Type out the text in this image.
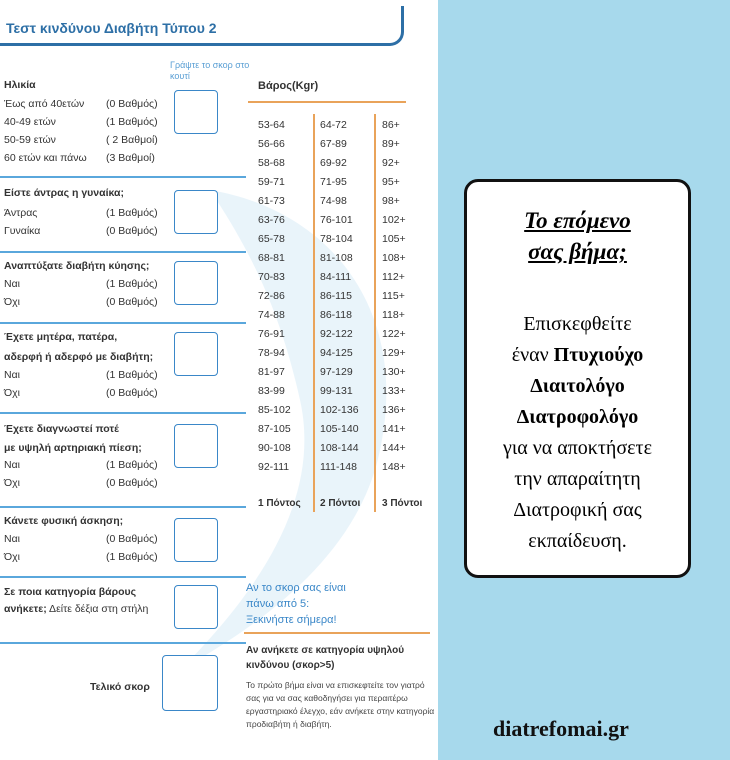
Τεστ κινδύνου Διαβήτη Τύπου 2
Γράψτε το σκορ στο κουτί
Ηλικία
Έως από 40ετών (0 Βαθμός)
40-49 ετών	(1 Βαθμός)
50-59 ετών	( 2 Βαθμοί)
60 ετών και πάνω (3 Βαθμοί)
Είστε άντρας η γυναίκα;
Άντρας	(1 Βαθμός)
Γυναίκα	(0 Βαθμός)
Αναπτύξατε διαβήτη κύησης;
Ναι	(1 Βαθμός)
Όχι	(0 Βαθμός)
Έχετε μητέρα, πατέρα,
αδερφή ή αδερφό με διαβήτη;
Ναι	(1 Βαθμός)
Όχι	(0 Βαθμός)
Έχετε διαγνωστεί ποτέ
με υψηλή αρτηριακή πίεση;
Ναι	(1 Βαθμός)
Όχι	(0 Βαθμός)
Κάνετε φυσική άσκηση;
Ναι	(0 Βαθμός)
Όχι	(1 Βαθμός)
Σε ποια κατηγορία βάρους
ανήκετε; Δείτε δέξια στη στήλη
Τελικό σκορ
Βάρος(Kgr)
53-64	64-72	86+
56-66	67-89	89+
58-68	69-92	92+
59-71	71-95	95+
61-73	74-98	98+
63-76	76-101	102+
65-78	78-104	105+
68-81	81-108	108+
70-83	84-111	112+
72-86	86-115	115+
74-88	86-118	118+
76-91	92-122	122+
78-94	94-125	129+
81-97	97-129	130+
83-99	99-131	133+
85-102	102-136 136+
87-105	105-140 141+
90-108	108-144 144+
92-111	111-148 148+
1 Πόντος 2 Πόντοι 3 Πόντοι
Αν το σκορ σας είναι
πάνω από 5:
Ξεκινήστε σήμερα!
Αν ανήκετε σε κατηγορία υψηλού κινδύνου (σκορ>5)
Το πρώτο βήμα είναι να επισκεφτείτε τον γιατρό σας για να σας καθοδηγήσει για περαιτέρω εργαστηριακό έλεγχο, εάν ανήκετε στην κατηγορία προδιαβήτη ή διαβήτη.
Το επόμενο
σας βήμα;
Επισκεφθείτε
έναν Πτυχιούχο
Διαιτολόγο
Διατροφολόγο
για να αποκτήσετε
την απαραίτητη
Διατροφική σας
εκπαίδευση.
diatrefomai.gr
